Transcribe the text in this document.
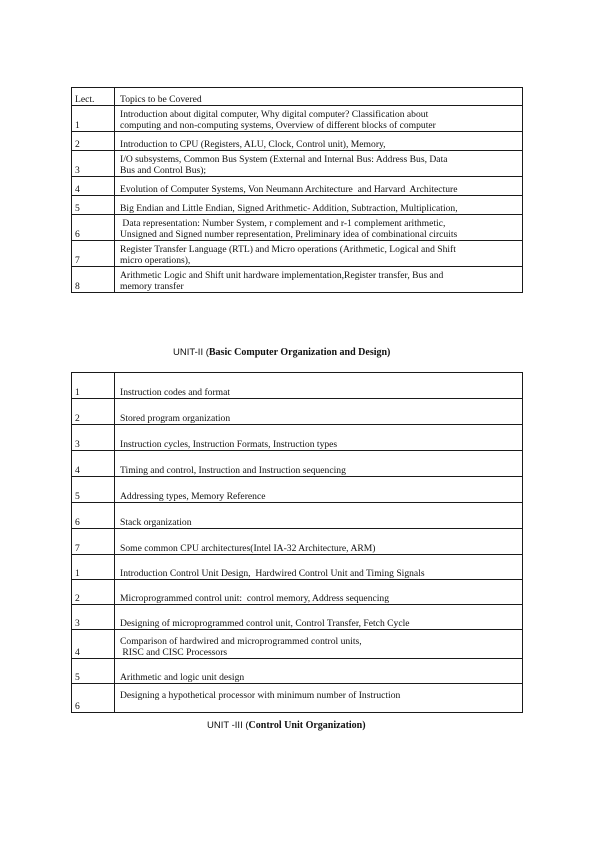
Lect.	Topics to be Covered
1	Introduction about digital computer, Why digital computer? Classification about
computing and non-computing systems, Overview of different blocks of computer

2	Introduction to CPU (Registers, ALU, Clock, Control unit), Memory,

3	I/O subsystems, Common Bus System (External and Internal Bus: Address Bus, Data
Bus and Control Bus);

4	Evolution of Computer Systems, Von Neumann Architecture  and Harvard  Architecture

5	Big Endian and Little Endian, Signed Arithmetic- Addition, Subtraction, Multiplication,

6	Data representation: Number System, r complement and r-1 complement arithmetic,
Unsigned and Signed number representation, Preliminary idea of combinational circuits

7	Register Transfer Language (RTL) and Micro operations (Arithmetic, Logical and Shift
micro operations),

8	Arithmetic Logic and Shift unit hardware implementation,Register transfer, Bus and
memory transfer
UNIT-II (Basic Computer Organization and Design)
1	Instruction codes and format

2	Stored program organization

3	Instruction cycles, Instruction Formats, Instruction types

4	Timing and control, Instruction and Instruction sequencing

5	Addressing types, Memory Reference

6	Stack organization

7	Some common CPU architectures(Intel IA-32 Architecture, ARM)

1	Introduction Control Unit Design,  Hardwired Control Unit and Timing Signals

2	Microprogrammed control unit:  control memory, Address sequencing

3	Designing of microprogrammed control unit, Control Transfer, Fetch Cycle

4	Comparison of hardwired and microprogrammed control units,
RISC and CISC Processors

5	Arithmetic and logic unit design

6	Designing a hypothetical processor with minimum number of Instruction
UNIT -III (Control Unit Organization)
